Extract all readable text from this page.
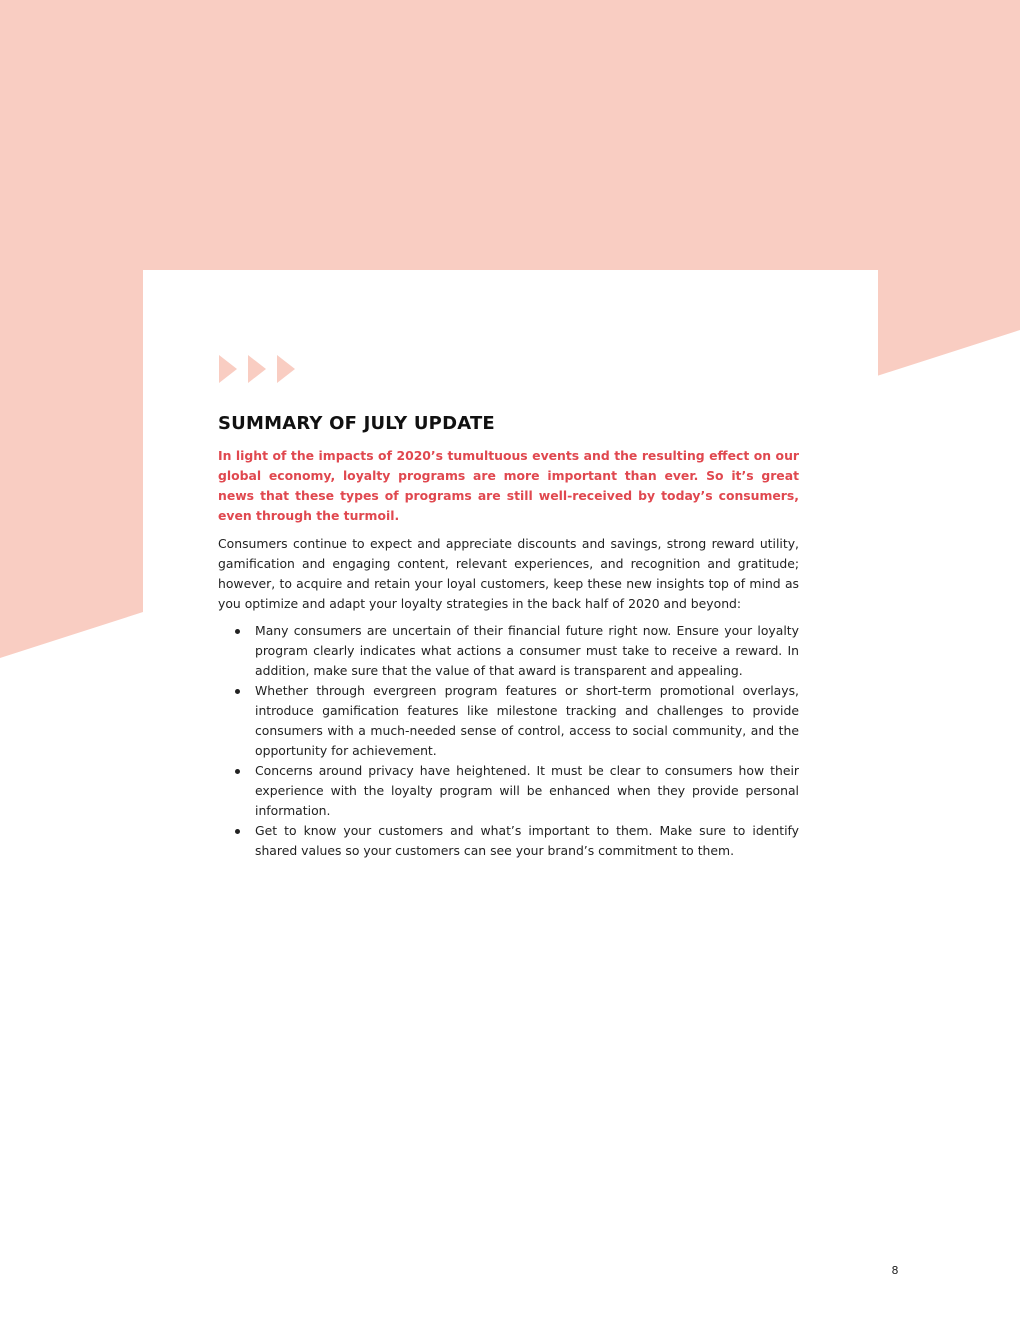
SUMMARY OF JULY UPDATE

In light of the impacts of 2020’s tumultuous events and the resulting effect on our global economy, loyalty programs are more important than ever. So it’s great news that these types of programs are still well-received by today’s consumers, even through the turmoil.

Consumers continue to expect and appreciate discounts and savings, strong reward utility, gamification and engaging content, relevant experiences, and recognition and gratitude; however, to acquire and retain your loyal customers, keep these new insights top of mind as you optimize and adapt your loyalty strategies in the back half of 2020 and beyond:

Many consumers are uncertain of their financial future right now. Ensure your loyalty program clearly indicates what actions a consumer must take to receive a reward. In addition, make sure that the value of that award is transparent and appealing.
Whether through evergreen program features or short-term promotional overlays, introduce gamification features like milestone tracking and challenges to provide consumers with a much-needed sense of control, access to social community, and the opportunity for achievement.
Concerns around privacy have heightened. It must be clear to consumers how their experience with the loyalty program will be enhanced when they provide personal information.
Get to know your customers and what’s important to them. Make sure to identify shared values so your customers can see your brand’s commitment to them.
8
